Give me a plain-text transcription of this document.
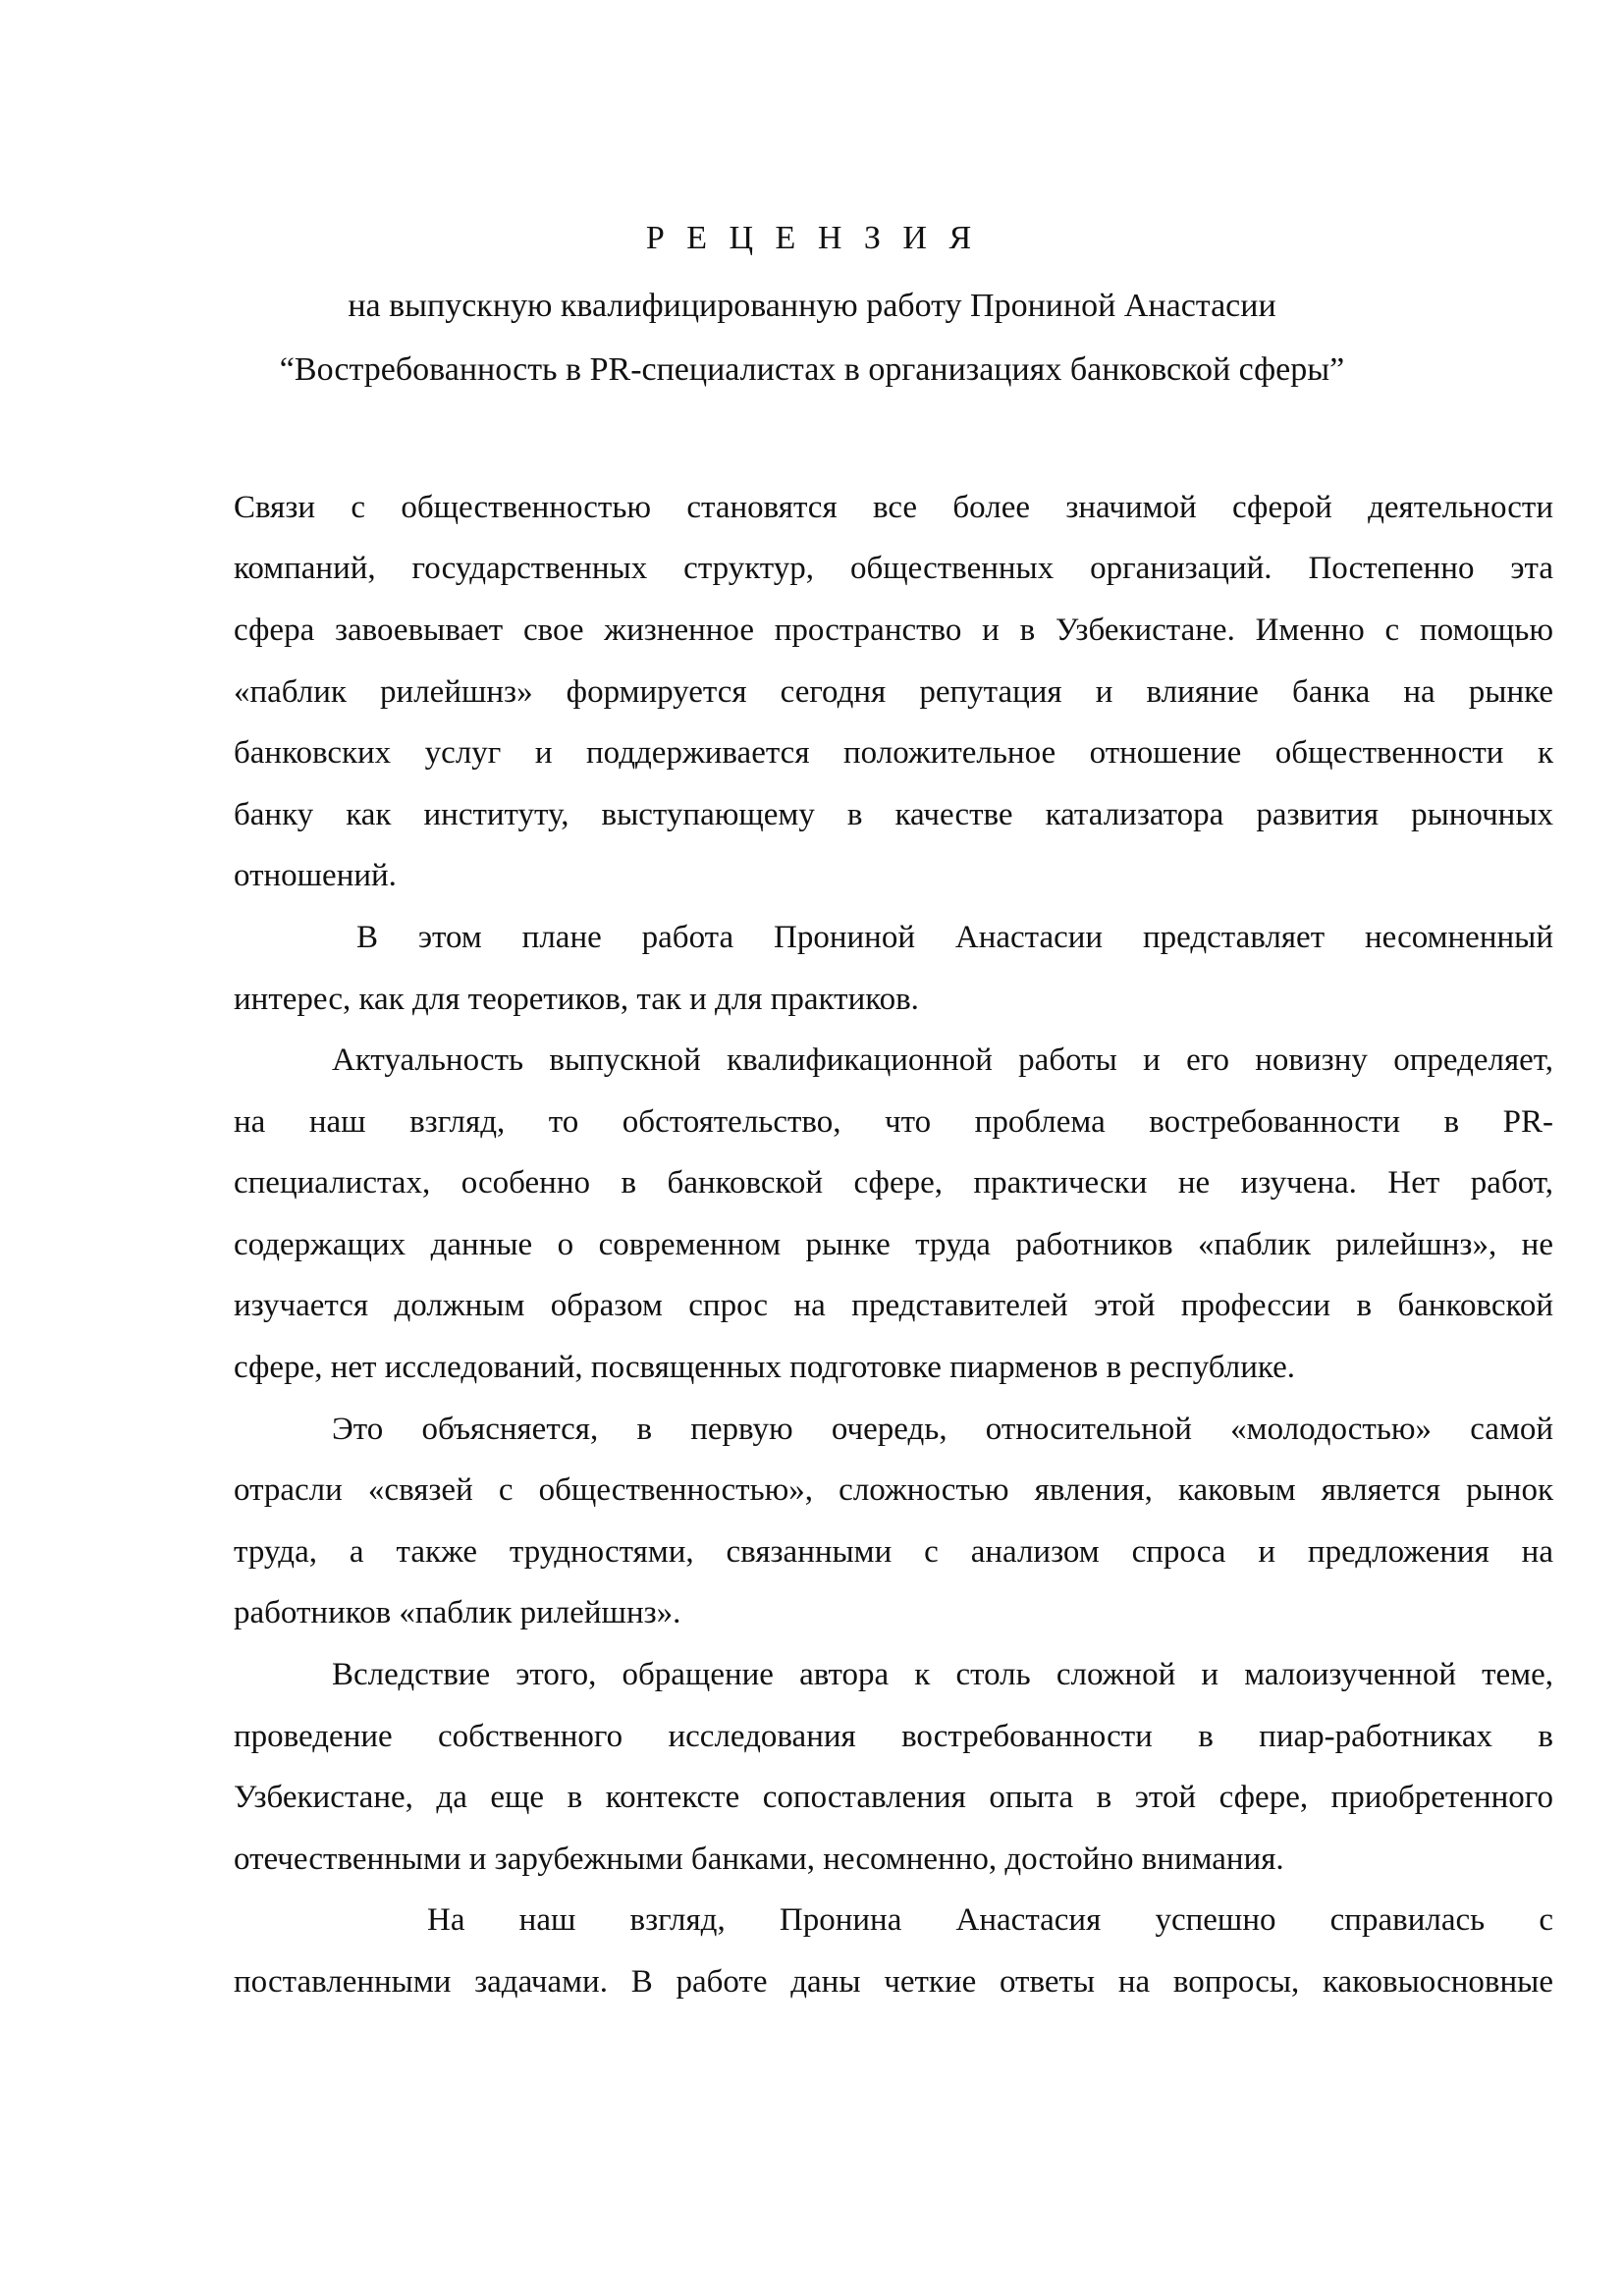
Р Е Ц Е Н З И Я
на выпускную квалифицированную работу Прониной Анастасии
“Востребованность в PR-специалистах в организациях банковской сферы”
Связи с общественностью становятся все более значимой сферой деятельности
компаний, государственных структур, общественных организаций. Постепенно эта
сфера завоевывает свое жизненное пространство и в Узбекистане. Именно с помощью
«паблик рилейшнз» формируется сегодня репутация и влияние банка на рынке
банковских услуг и поддерживается положительное отношение общественности к
банку как институту, выступающему в качестве катализатора развития рыночных
отношений.
В этом плане работа Прониной Анастасии представляет несомненный
интерес, как для теоретиков, так и для практиков.
Актуальность выпускной квалификационной работы и его новизну определяет,
на наш взгляд, то обстоятельство, что проблема востребованности в PR-
специалистах, особенно в банковской сфере, практически не изучена. Нет работ,
содержащих данные о современном рынке труда работников «паблик рилейшнз», не
изучается должным образом спрос на представителей этой профессии в банковской
сфере, нет исследований, посвященных подготовке пиарменов в республике.
Это объясняется, в первую очередь, относительной «молодостью» самой
отрасли «связей с общественностью», сложностью явления, каковым является рынок
труда, а также трудностями, связанными с анализом спроса и предложения на
работников «паблик рилейшнз».
Вследствие этого, обращение автора к столь сложной и малоизученной теме,
проведение собственного исследования востребованности в пиар-работниках в
Узбекистане, да еще в контексте сопоставления опыта в этой сфере, приобретенного
отечественными и зарубежными банками, несомненно, достойно внимания.
На наш взгляд, Пронина Анастасия успешно справилась с
поставленными задачами. В работе даны четкие ответы на вопросы, каковыосновные
